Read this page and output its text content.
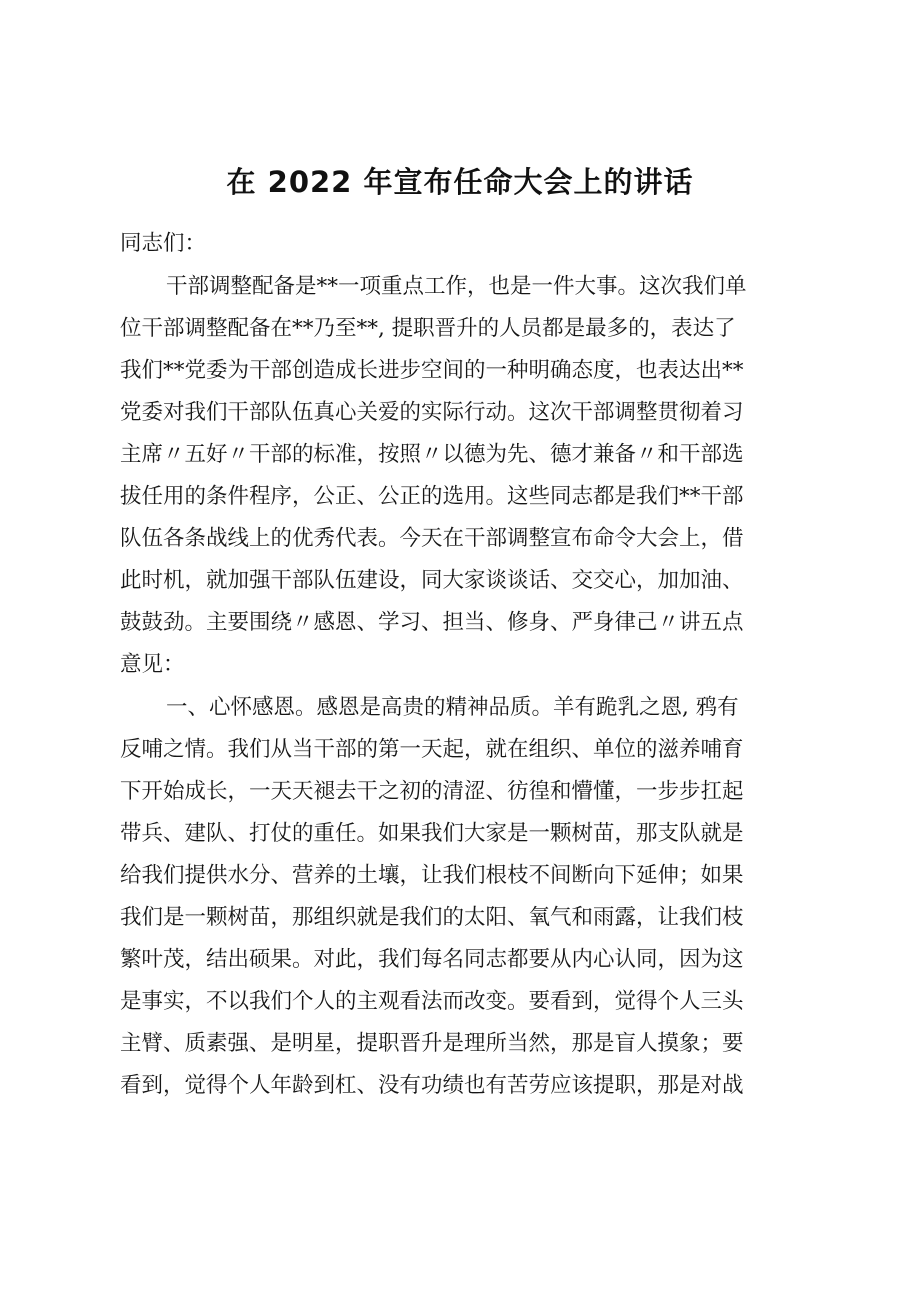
在 2022 年宣布任命大会上的讲话

同志们：

干部调整配备是**一项重点工作，也是一件大事。这次我们单

位干部调整配备在**乃至**, 提职晋升的人员都是最多的，表达了

我们**党委为干部创造成长进步空间的一种明确态度，也表达出**

党委对我们干部队伍真心关爱的实际行动。这次干部调整贯彻着习

主席〃五好〃干部的标准，按照〃以德为先、德才兼备〃和干部选

拔任用的条件程序，公正、公正的选用。这些同志都是我们**干部

队伍各条战线上的优秀代表。今天在干部调整宣布命令大会上，借

此时机，就加强干部队伍建设，同大家谈谈话、交交心，加加油、

鼓鼓劲。主要围绕〃感恩、学习、担当、修身、严身律己〃讲五点

意见：

一、心怀感恩。感恩是高贵的精神品质。羊有跪乳之恩, 鸦有

反哺之情。我们从当干部的第一天起，就在组织、单位的滋养哺育

下开始成长，一天天褪去干之初的清涩、彷徨和懵懂，一步步扛起

带兵、建队、打仗的重任。如果我们大家是一颗树苗，那支队就是

给我们提供水分、营养的土壤，让我们根枝不间断向下延伸；如果

我们是一颗树苗，那组织就是我们的太阳、氧气和雨露，让我们枝

繁叶茂，结出硕果。对此，我们每名同志都要从内心认同，因为这

是事实，不以我们个人的主观看法而改变。要看到，觉得个人三头

主臂、质素强、是明星，提职晋升是理所当然，那是盲人摸象；要

看到，觉得个人年龄到杠、没有功绩也有苦劳应该提职，那是对战
